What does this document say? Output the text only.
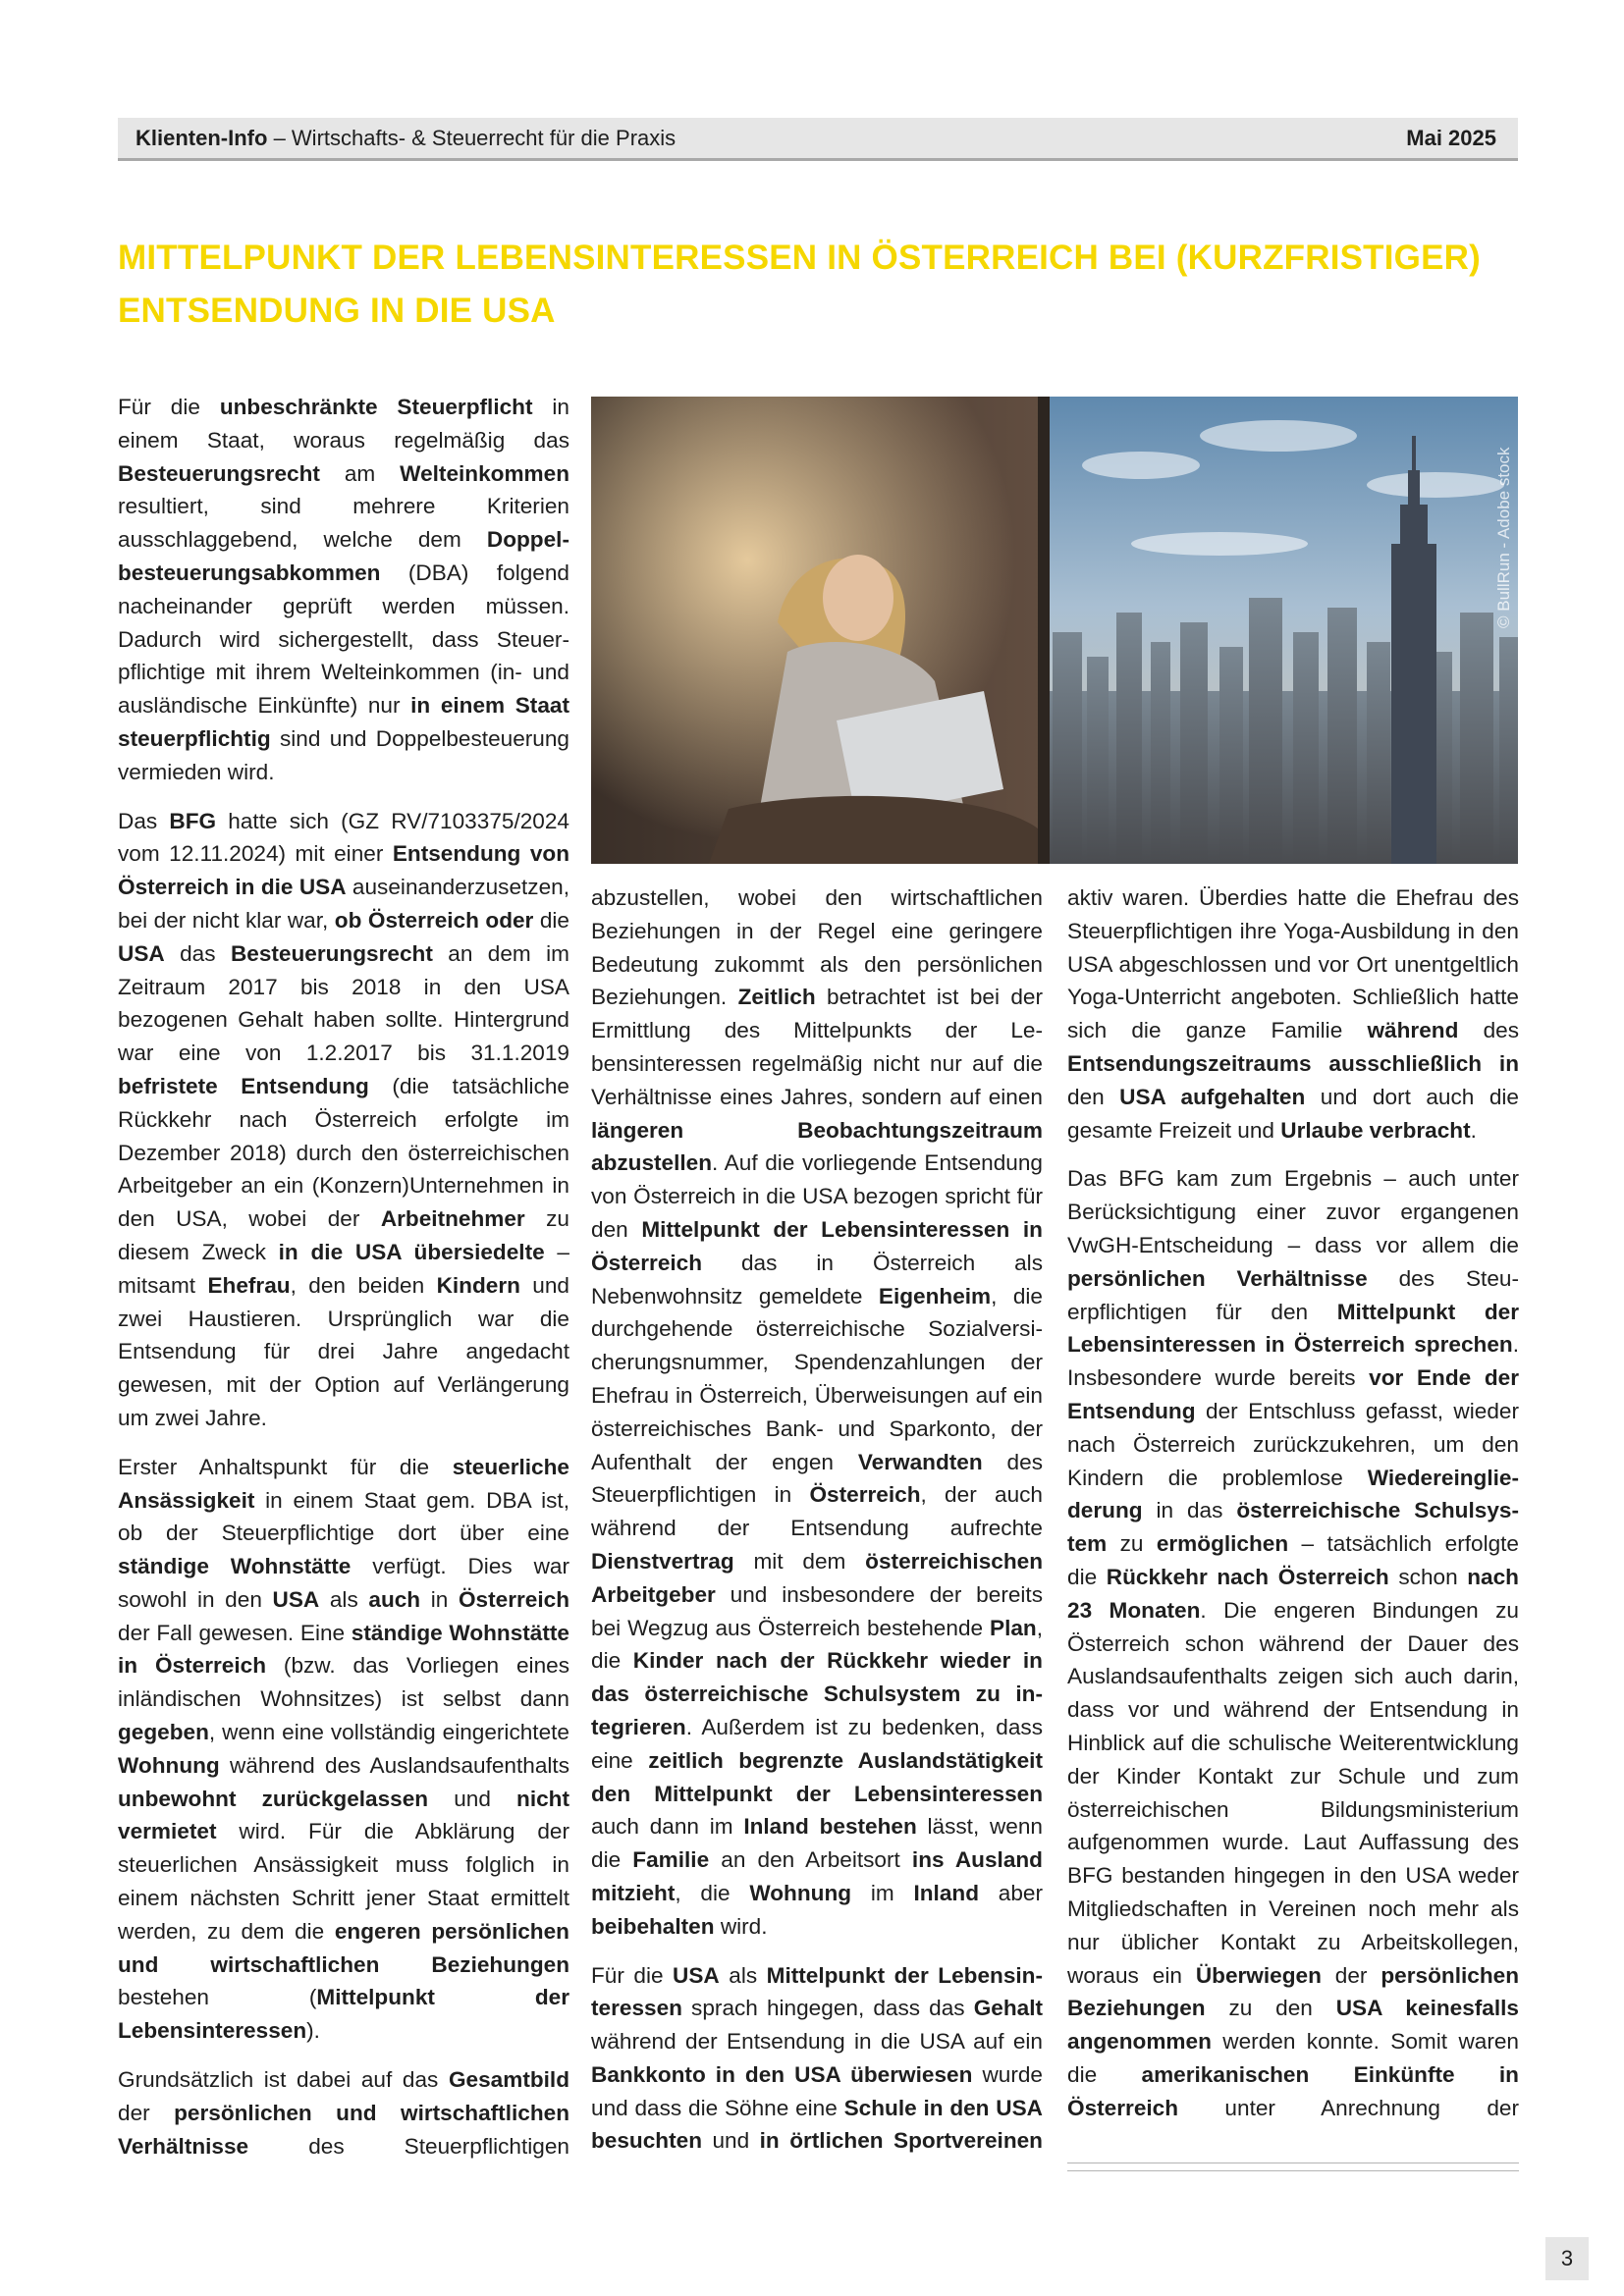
Klienten-Info – Wirtschafts- & Steuerrecht für die Praxis	Mai 2025
MITTELPUNKT DER LEBENSINTERESSEN IN ÖSTERREICH BEI (KURZFRISTIGER) ENTSENDUNG IN DIE USA

Für die unbeschränkte Steuerpflicht in einem Staat, woraus regelmäßig das Besteuerungsrecht am Welteinkommen resultiert, sind mehrere Kriterien ausschlaggebend, welche dem Doppelbesteuerungsabkommen (DBA) folgend nacheinander geprüft werden müssen. Dadurch wird sichergestellt, dass Steuerpflichtige mit ihrem Welteinkommen (in- und ausländische Einkünfte) nur in einem Staat steuerpflichtig sind und Doppelbesteuerung vermieden wird.

Das BFG hatte sich (GZ RV/7103375/2024 vom 12.11.2024) mit einer Entsendung von Österreich in die USA auseinanderzusetzen, bei der nicht klar war, ob Österreich oder die USA das Besteuerungsrecht an dem im Zeitraum 2017 bis 2018 in den USA bezogenen Gehalt haben sollte. Hintergrund war eine von 1.2.2017 bis 31.1.2019 befristete Entsendung (die tatsächliche Rückkehr nach Österreich erfolgte im Dezember 2018) durch den österreichischen Arbeitgeber an ein (Konzern)Unternehmen in den USA, wobei der Arbeitnehmer zu diesem Zweck in die USA übersiedelte – mitsamt Ehefrau, den beiden Kindern und zwei Haustieren. Ursprünglich war die Entsendung für drei Jahre angedacht gewesen, mit der Option auf Verlängerung um zwei Jahre.

Erster Anhaltspunkt für die steuerliche Ansässigkeit in einem Staat gem. DBA ist, ob der Steuerpflichtige dort über eine ständige Wohnstätte verfügt. Dies war sowohl in den USA als auch in Österreich der Fall gewesen. Eine ständige Wohnstätte in Österreich (bzw. das Vorliegen eines inländischen Wohnsitzes) ist selbst dann gegeben, wenn eine vollständig eingerichtete Wohnung während des Auslandsaufenthalts unbewohnt zurückgelassen und nicht vermietet wird. Für die Abklärung der steuerlichen Ansässigkeit muss folglich in einem nächsten Schritt jener Staat ermittelt werden, zu dem die engeren persönlichen und wirtschaftlichen Beziehungen bestehen (Mittelpunkt der Lebensinteressen).

Grundsätzlich ist dabei auf das Gesamtbild der persönlichen und wirtschaftlichen Verhältnisse des Steuerpflichtigen

© BullRun - Adobe stock

abzustellen, wobei den wirtschaftlichen Beziehungen in der Regel eine geringere Bedeutung zukommt als den persönlichen Beziehungen. Zeitlich betrachtet ist bei der Ermittlung des Mittelpunkts der Lebensinteressen regelmäßig nicht nur auf die Verhältnisse eines Jahres, sondern auf einen längeren Beobachtungszeitraum abzustellen. Auf die vorliegende Entsendung von Österreich in die USA bezogen spricht für den Mittelpunkt der Lebensinteressen in Österreich das in Österreich als Nebenwohnsitz gemeldete Eigenheim, die durchgehende österreichische Sozialversicherungsnummer, Spendenzahlungen der Ehefrau in Österreich, Überweisungen auf ein österreichisches Bank- und Sparkonto, der Aufenthalt der engen Verwandten des Steuerpflichtigen in Österreich, der auch während der Entsendung aufrechte Dienstvertrag mit dem österreichischen Arbeitgeber und insbesondere der bereits bei Wegzug aus Österreich bestehende Plan, die Kinder nach der Rückkehr wieder in das österreichische Schulsystem zu integrieren. Außerdem ist zu bedenken, dass eine zeitlich begrenzte Auslandstätigkeit den Mittelpunkt der Lebensinteressen auch dann im Inland bestehen lässt, wenn die Familie an den Arbeitsort ins Ausland mitzieht, die Wohnung im Inland aber beibehalten wird.

Für die USA als Mittelpunkt der Lebensinteressen sprach hingegen, dass das Gehalt während der Entsendung in die USA auf ein Bankkonto in den USA überwiesen wurde und dass die Söhne eine Schule in den USA besuchten und in örtlichen Sportvereinen

aktiv waren. Überdies hatte die Ehefrau des Steuerpflichtigen ihre Yoga-Ausbildung in den USA abgeschlossen und vor Ort unentgeltlich Yoga-Unterricht angeboten. Schließlich hatte sich die ganze Familie während des Entsendungszeitraums ausschließlich in den USA aufgehalten und dort auch die gesamte Freizeit und Urlaube verbracht.

Das BFG kam zum Ergebnis – auch unter Berücksichtigung einer zuvor ergangenen VwGH-Entscheidung – dass vor allem die persönlichen Verhältnisse des Steuerpflichtigen für den Mittelpunkt der Lebensinteressen in Österreich sprechen. Insbesondere wurde bereits vor Ende der Entsendung der Entschluss gefasst, wieder nach Österreich zurückzukehren, um den Kindern die problemlose Wiedereingliederung in das österreichische Schulsystem zu ermöglichen – tatsächlich erfolgte die Rückkehr nach Österreich schon nach 23 Monaten. Die engeren Bindungen zu Österreich schon während der Dauer des Auslandsaufenthalts zeigen sich auch darin, dass vor und während der Entsendung in Hinblick auf die schulische Weiterentwicklung der Kinder Kontakt zur Schule und zum österreichischen Bildungsministerium aufgenommen wurde. Laut Auffassung des BFG bestanden hingegen in den USA weder Mitgliedschaften in Vereinen noch mehr als nur üblicher Kontakt zu Arbeitskollegen, woraus ein Überwiegen der persönlichen Beziehungen zu den USA keinesfalls angenommen werden konnte. Somit waren die amerikanischen Einkünfte in Österreich unter Anrechnung der

3
